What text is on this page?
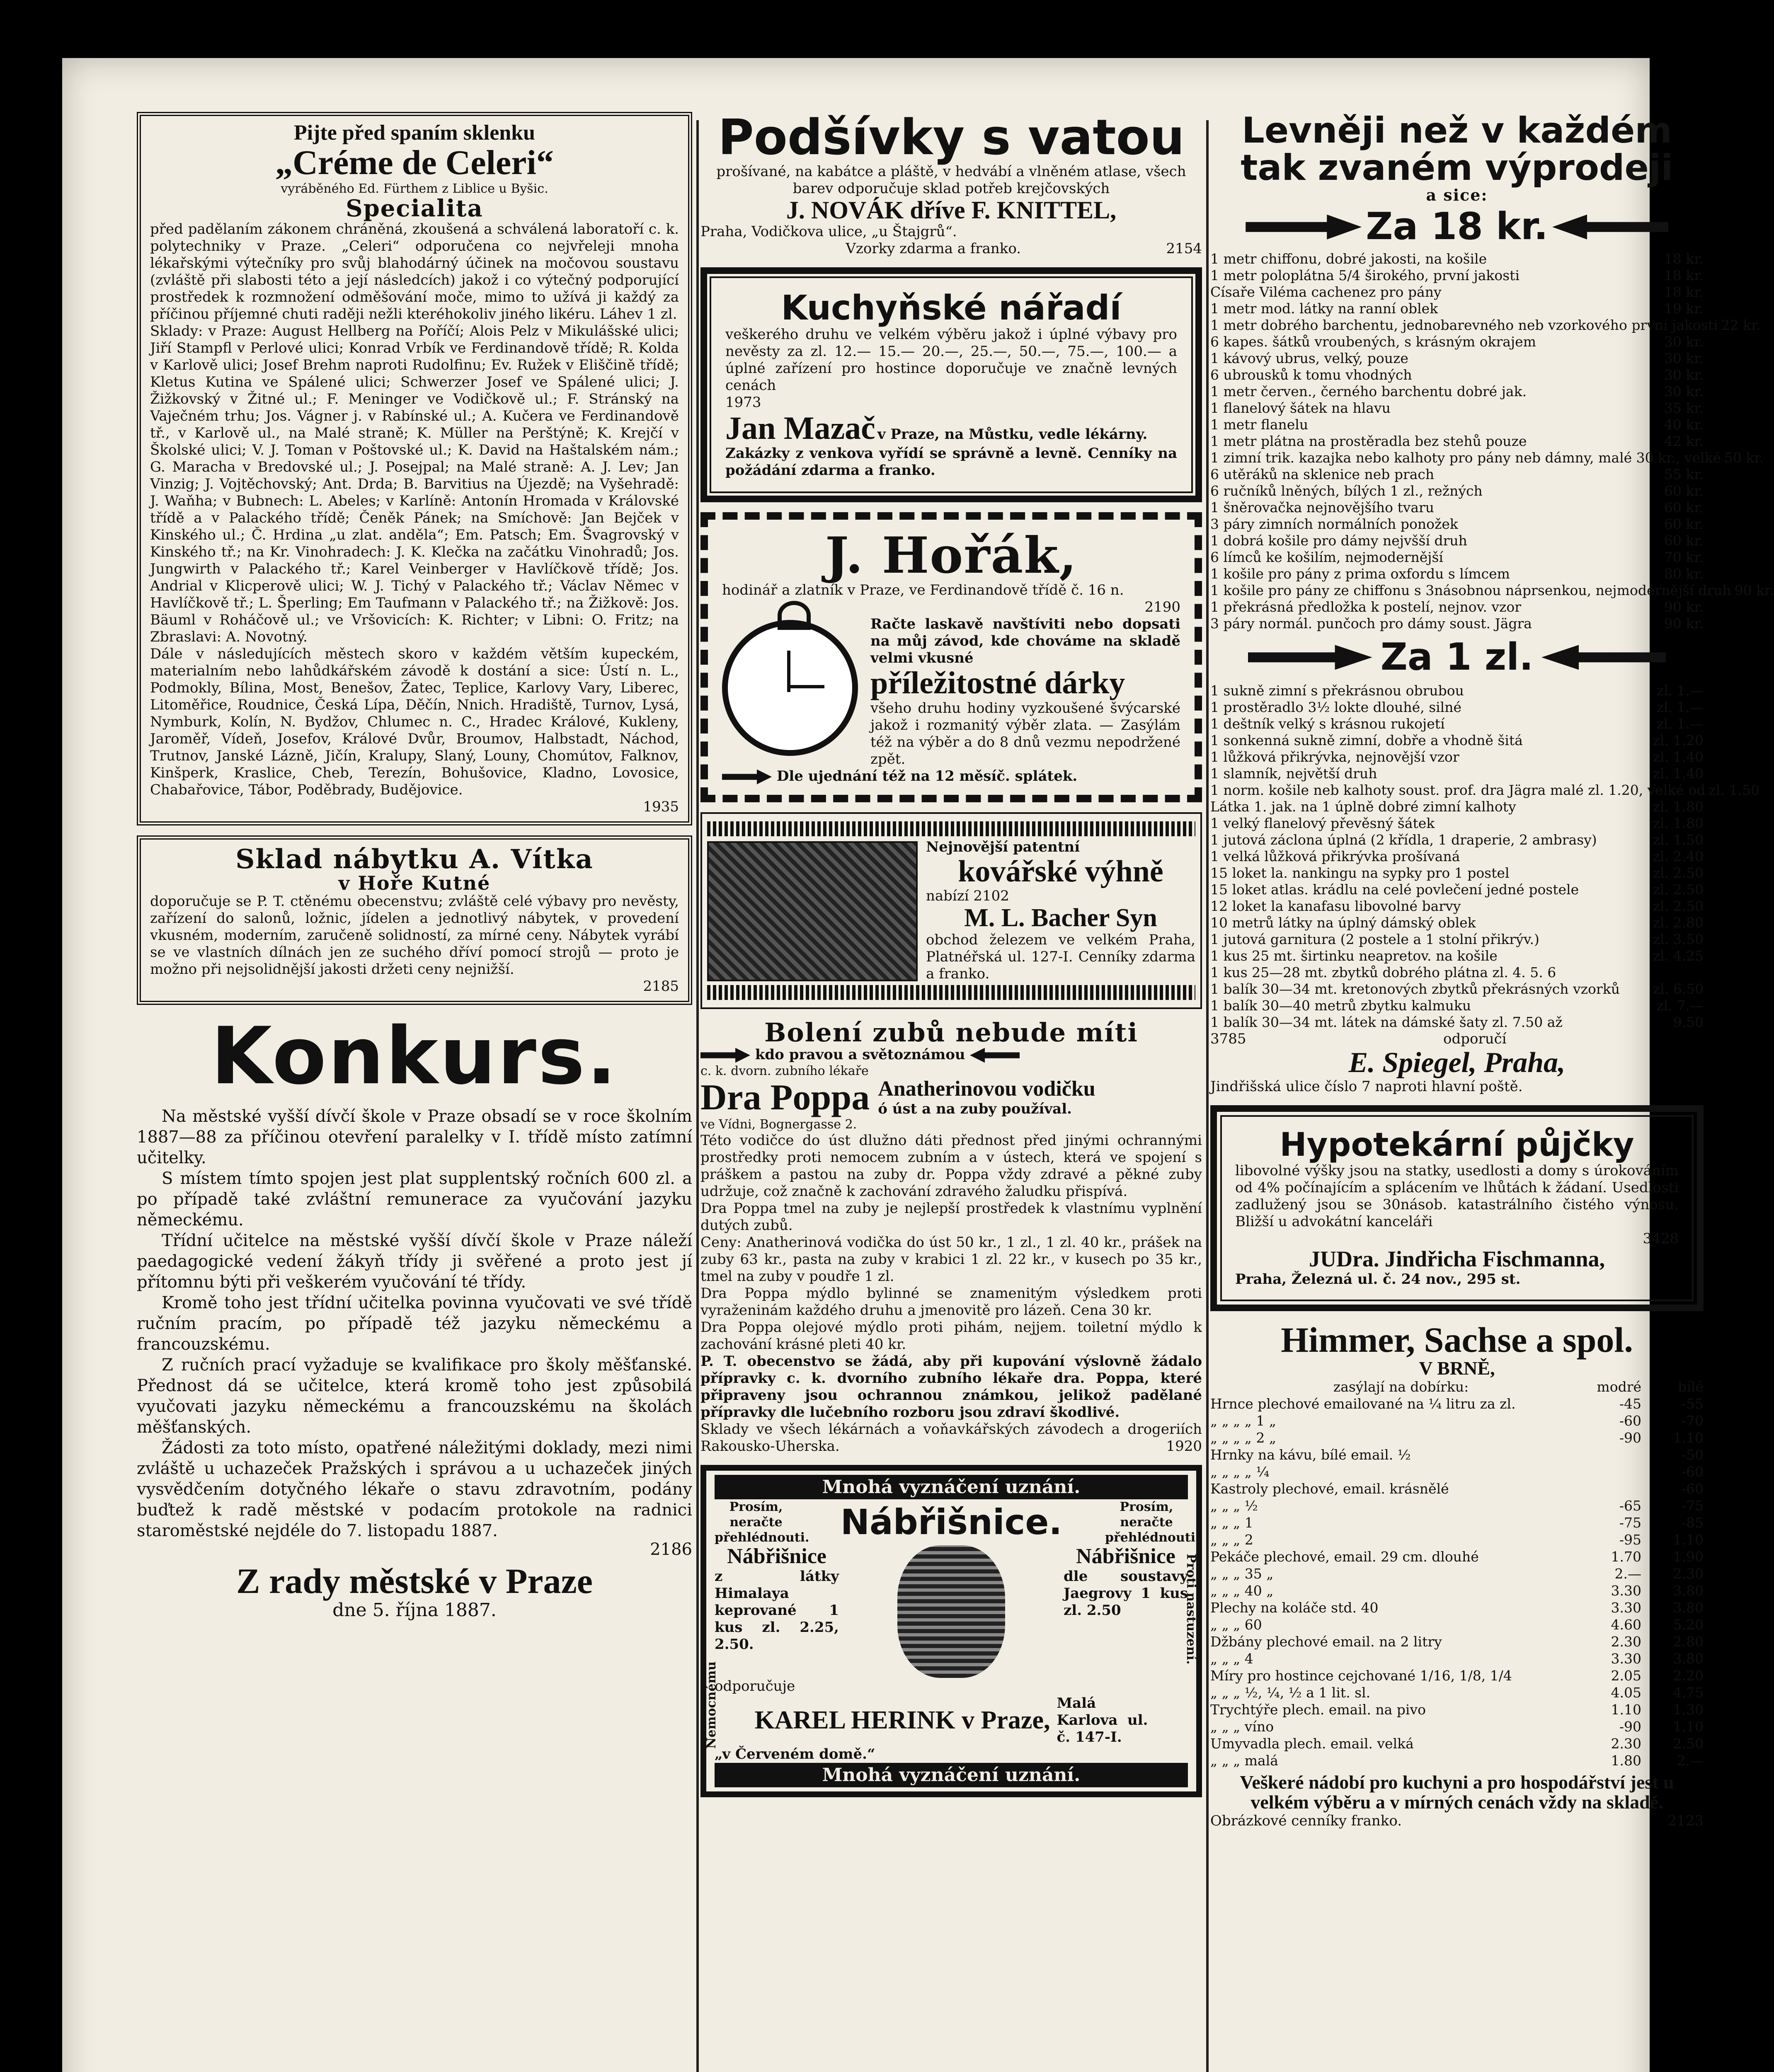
Pijte před spaním sklenku
„Créme de Celeri“
vyráběného Ed. Fürthem z Liblice u Byšic.
Specialita
před padělaním zákonem chráněná, zkoušená a schválená laboratoří c. k. polytechniky v Praze. „Celeri“ odporučena co nejvřeleji mnoha lékařskými výtečníky pro svůj blahodárný účinek na močovou soustavu (zvláště při slabosti této a její následcích) jakož i co výtečný podporující prostředek k rozmnožení odměšování moče, mimo to užívá ji každý za příčinou příjemné chuti raději nežli kteréhokoliv jiného likéru. Láhev 1 zl.
Sklady: v Praze: August Hellberg na Poříčí; Alois Pelz v Mikulášské ulici; Jiří Stampfl v Perlové ulici; Konrad Vrbík ve Ferdinandově třídě; R. Kolda v Karlově ulici; Josef Brehm naproti Rudolfinu; Ev. Ružek v Eliščině třídě; Kletus Kutina ve Spálené ulici; Schwerzer Josef ve Spálené ulici; J. Žižkovský v Žitné ul.; F. Meninger ve Vodičkově ul.; F. Stránský na Vaječném trhu; Jos. Vágner j. v Rabínské ul.; A. Kučera ve Ferdinandově tř., v Karlově ul., na Malé straně; K. Müller na Perštýně; K. Krejčí v Školské ulici; V. J. Toman v Poštovské ul.; K. David na Haštalském nám.; G. Maracha v Bredovské ul.; J. Posejpal; na Malé straně: A. J. Lev; Jan Vinzig; J. Vojtěchovský; Ant. Drda; B. Barvitius na Újezdě; na Vyšehradě: J. Waňha; v Bubnech: L. Abeles; v Karlíně: Antonín Hromada v Královské třídě a v Palackého třídě; Čeněk Pánek; na Smíchově: Jan Bejček v Kinského ul.; Č. Hrdina „u zlat. anděla“; Em. Patsch; Em. Švagrovský v Kinského tř.; na Kr. Vinohradech: J. K. Klečka na začátku Vinohradů; Jos. Jungwirth v Palackého tř.; Karel Veinberger v Havlíčkově třídě; Jos. Andrial v Klicperově ulici; W. J. Tichý v Palackého tř.; Václav Němec v Havlíčkově tř.; L. Šperling; Em Taufmann v Palackého tř.; na Žižkově: Jos. Bäuml v Roháčově ul.; ve Vršovicích: K. Richter; v Libni: O. Fritz; na Zbraslavi: A. Novotný.
Dále v následujících městech skoro v každém větším kupeckém, materialním nebo lahůdkářském závodě k dostání a sice: Ústí n. L., Podmokly, Bílina, Most, Benešov, Žatec, Teplice, Karlovy Vary, Liberec, Litoměřice, Roudnice, Česká Lípa, Děčín, Nnich. Hradiště, Turnov, Lysá, Nymburk, Kolín, N. Bydžov, Chlumec n. C., Hradec Králové, Kukleny, Jaroměř, Vídeň, Josefov, Králové Dvůr, Broumov, Halbstadt, Náchod, Trutnov, Janské Lázně, Jičín, Kralupy, Slaný, Louny, Chomútov, Falknov, Kinšperk, Kraslice, Cheb, Terezín, Bohušovice, Kladno, Lovosice, Chabařovice, Tábor, Poděbrady, Budějovice.
1935
Sklad nábytku A. Vítka
v Hoře Kutné
doporučuje se P. T. ctěnému obecenstvu; zvláště celé výbavy pro nevěsty, zařízení do salonů, ložnic, jídelen a jednotlivý nábytek, v provedení vkusném, moderním, zaručeně solidností, za mírné ceny. Nábytek vyrábí se ve vlastních dílnách jen ze suchého dříví pomocí strojů — proto je možno při nejsolidnější jakosti držeti ceny nejnižší.
2185
Konkurs.
Na městské vyšší dívčí škole v Praze obsadí se v roce školním 1887—88 za příčinou otevření paralelky v I. třídě místo zatímní učitelky.
S místem tímto spojen jest plat supplentský ročních 600 zl. a po případě také zvláštní remunerace za vyučování jazyku německému.
Třídní učitelce na městské vyšší dívčí škole v Praze náleží paedagogické vedení žákyň třídy ji svěřené a proto jest jí přítomnu býti při veškerém vyučování té třídy.
Kromě toho jest třídní učitelka povinna vyučovati ve své třídě ručním pracím, po případě též jazyku německému a francouzskému.
Z ručních prací vyžaduje se kvalifikace pro školy měšťanské. Přednost dá se učitelce, která kromě toho jest způsobilá vyučovati jazyku německému a francouzskému na školách měšťanských.
Žádosti za toto místo, opatřené náležitými doklady, mezi nimi zvláště u uchazeček Pražských i správou a u uchazeček jiných vysvědčením dotyčného lékaře o stavu zdravotním, podány buďtež k radě městské v podacím protokole na radnici staroměstské nejdéle do 7. listopadu 1887.
2186
Z rady městské v Praze
dne 5. října 1887.
Podšívky s vatou
prošívané, na kabátce a pláště, v hedvábí a vlněném atlase, všech barev odporučuje sklad potřeb krejčovských
J. NOVÁK dříve F. KNITTEL,
Praha, Vodičkova ulice, „u Štajgrů“.
Vzorky zdarma a franko.	2154
Kuchyňské nářadí
veškerého druhu ve velkém výběru jakož i úplné výbavy pro nevěsty za zl. 12.— 15.— 20.—, 25.—, 50.—, 75.—, 100.— a úplné zařízení pro hostince doporučuje ve značně levných cenách
1973
Jan Mazač v Praze, na Můstku, vedle lékárny.
Zakázky z venkova vyřídí se správně a levně. Cenníky na požádání zdarma a franko.
J. Hořák,
hodinář a zlatník v Praze, ve Ferdinandově třídě č. 16 n.
2190
Račte laskavě navštíviti nebo dopsati na můj závod, kde chováme na skladě velmi vkusné
příležitostné dárky
všeho druhu hodiny vyzkoušené švýcarské jakož i rozmanitý výběr zlata. — Zasýlám též na výběr a do 8 dnů vezmu nepodržené zpět.
Dle ujednání též na 12 měsíč. splátek.
Nejnovější patentní
kovářské výhně
nabízí 2102
M. L. Bacher Syn
obchod železem ve velkém Praha, Platnéřská ul. 127-I. Cenníky zdarma a franko.
Bolení zubů nebude míti
kdo pravou a světoznámou
c. k. dvorn. zubního lékaře
Dra Poppa
ve Vídni, Bognergasse 2.
Anatherinovou vodičku
ó úst a na zuby používal.
Této vodičce do úst dlužno dáti přednost před jinými ochrannými prostředky proti nemocem zubním a v ústech, která ve spojení s práškem a pastou na zuby dr. Poppa vždy zdravé a pěkné zuby udržuje, což značně k zachování zdravého žaludku přispívá.
Dra Poppa tmel na zuby je nejlepší prostředek k vlastnímu vyplnění dutých zubů.
Ceny: Anatherinová vodička do úst 50 kr., 1 zl., 1 zl. 40 kr., prášek na zuby 63 kr., pasta na zuby v krabici 1 zl. 22 kr., v kusech po 35 kr., tmel na zuby v poudře 1 zl.
Dra Poppa mýdlo bylinné se znamenitým výsledkem proti vyraženinám každého druhu a jmenovitě pro lázeň. Cena 30 kr.
Dra Poppa olejové mýdlo proti pihám, nejjem. toiletní mýdlo k zachování krásné pleti 40 kr.
P. T. obecenstvo se žádá, aby při kupování výslovně žádalo přípravky c. k. dvorního zubního lékaře dra. Poppa, které připraveny jsou ochrannou známkou, jelikož padělané přípravky dle lučebního rozboru jsou zdraví škodlivé.
Sklady ve všech lékárnách a voňavkářských závodech a drogeriích Rakousko-Uherska.	1920
Mnohá vyznáčení uznání.
Prosím, neračte přehlédnouti. Nábřišnice.	Prosím, neračte přehlédnouti.
Nábřišnice
z látky Himalaya keprované 1 kus zl. 2.25, 2.50.
Nábřišnice
dle soustavy Jaegrovy 1 kus zl. 2.50
odporučuje
KAREL HERINK v Praze,
Malá Karlova ul. č. 147-I.
„v Červeném domě.“
Mnohá vyznáčení uznání.
Nemocnému
Proti nastuzení.
Levněji než v každém tak zvaném výprodeji
a sice:
Za 18 kr.
1 metr chiffonu, dobré jakosti, na košile	18 kr.
1 metr poloplátna 5/4 širokého, první jakosti	18 kr.
Císaře Viléma cachenez pro pány	18 kr.
1 metr mod. látky na ranní oblek	19 kr.
1 metr dobrého barchentu, jednobarevného neb vzorkového první jakosti 22 kr.
6 kapes. šátků vroubených, s krásným okrajem	30 kr.
1 kávový ubrus, velký, pouze	30 kr.
6 ubrousků k tomu vhodných	30 kr.
1 metr červen., černého barchentu dobré jak.	30 kr.
1 flanelový šátek na hlavu	35 kr.
1 metr flanelu	40 kr.
1 metr plátna na prostěradla bez stehů pouze	42 kr.
1 zimní trik. kazajka nebo kalhoty pro pány neb dámny, malé 30 kr., velké 50 kr.
6 utěráků na sklenice neb prach	55 kr.
6 ručníků lněných, bílých 1 zl., režných	60 kr.
1 šněrovačka nejnovějšího tvaru	60 kr.
3 páry zimních normálních ponožek	60 kr.
1 dobrá košile pro dámy nejvšší druh	60 kr.
6 límců ke košilím, nejmodernější	70 kr.
1 košile pro pány z prima oxfordu s límcem	80 kr.
1 košile pro pány ze chiffonu s 3násobnou náprsenkou, nejmodernější druh 90 kr.
1 překrásná předložka k postelí, nejnov. vzor	90 kr.
3 páry normál. punčoch pro dámy soust. Jägra	90 kr.
Za 1 zl.
1 sukně zimní s překrásnou obrubou	zl. 1.—
1 prostěradlo 3½ lokte dlouhé, silné	zl. 1.—
1 deštník velký s krásnou rukojetí	zl. 1.—
1 sonkenná sukně zimní, dobře a vhodně šitá	zl. 1.20
1 lůžková přikrývka, nejnovější vzor	zl. 1.40
1 slamník, největší druh	zl. 1.40
1 norm. košile neb kalhoty soust. prof. dra Jägra malé zl. 1.20, velké od zl. 1.50
Látka 1. jak. na 1 úplně dobré zimní kalhoty	zl. 1.80
1 velký flanelový převěsný šátek	zl. 1.80
1 jutová záclona úplná (2 křídla, 1 draperie, 2 ambrasy)	zl. 1.50
1 velká lůžková přikrývka prošívaná	zl. 2.40
15 loket la. nankingu na sypky pro 1 postel	zl. 2.50
15 loket atlas. krádlu na celé povlečení jedné postele	zl. 2.50
12 loket la kanafasu libovolné barvy	zl. 2.50
10 metrů látky na úplný dámský oblek	zl. 2.80
1 jutová garnitura (2 postele a 1 stolní přikrýv.)	zl. 3.50
1 kus 25 mt. širtinku neapretov. na košile	zl. 4.25
1 kus 25—28 mt. zbytků dobrého plátna zl. 4. 5. 6
1 balík 30—34 mt. kretonových zbytků překrásných vzorků	zl. 6.50
1 balík 30—40 metrů zbytku kalmuku	zl. 7.—
1 balík 30—34 mt. látek na dámské šaty zl. 7.50 až	9.50
3785	odporučí
E. Spiegel, Praha,
Jindřišská ulice číslo 7 naproti hlavní poště.
Hypotekární půjčky
libovolné výšky jsou na statky, usedlosti a domy s úrokováním od 4% počínajícím a splácením ve lhůtách k žádaní. Usedlosti zadlužený jsou se 30násob. katastrálního čistého výnosu. Bližší u advokátní kanceláři
3428
JUDra. Jindřicha Fischmanna,
Praha, Železná ul. č. 24 nov., 295 st.
Himmer, Sachse a spol.
V BRNĚ,
zasýlají na dobírku:	modré	bílé
Hrnce plechové emailované na ¼ litru za zl.	-45	-55
„ „ „ „ 1 „	-60	-70
„ „ „ „ 2 „	-90	1.10
Hrnky na kávu, bílé email. ½	-50
„ „ „ „ ¼	-60
Kastroly plechové, email. krásnělé	-60
„ „ „ ½	-65	-75
„ „ „ 1	-75	-85
„ „ „ 2	-95	1.10
Pekáče plechové, email. 29 cm. dlouhé	1.70	1.90
„ „ „ 35 „	2.—	2.30
„ „ „ 40 „	3.30	3.80
Plechy na koláče std. 40	3.30	3.80
„ „ „ 60	4.60	5.20
Džbány plechové email. na 2 litry	2.30	2.80
„ „ „ 4	3.30	3.80
Míry pro hostince cejchované 1/16, 1/8, 1/4	2.05	2.20
„ „ „ ½, ¼, ½ a 1 lit. sl.	4.05	4.75
Trychtýře plech. email. na pivo	1.10	1.30
„ „ „ víno	-90	1.10
Umyvadla plech. email. velká	2.30	2.50
„ „ „ malá	1.80	2.—
Veškeré nádobí pro kuchyni a pro hospodářství jest u velkém výběru a v mírných cenách vždy na skladě.
Obrázkové cenníky franko.	2123
